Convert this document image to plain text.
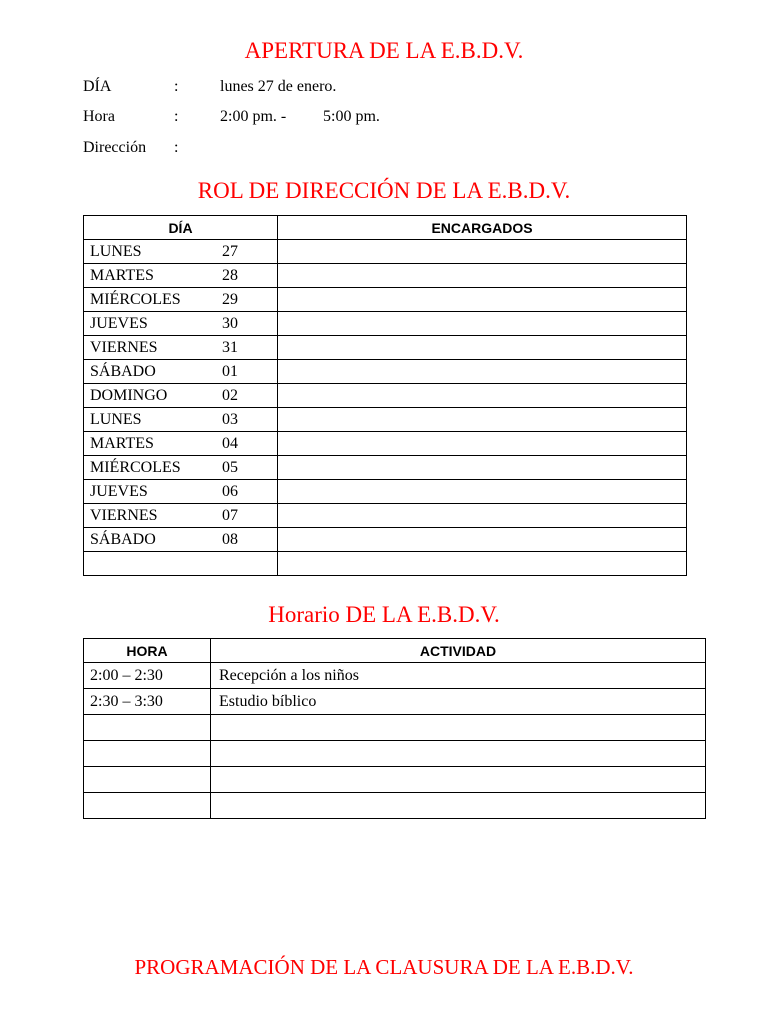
APERTURA DE LA E.B.D.V.
DÍA	:	lunes 27 de enero.
Hora	:	2:00 pm. - 5:00 pm.
Dirección :
ROL DE DIRECCIÓN DE LA E.B.D.V.
DÍA	ENCARGADOS

LUNES 27	

MARTES 28	

MIÉRCOLES 29	

JUEVES 30	

VIERNES 31	

SÁBADO 01	

DOMINGO 02	

LUNES 03	

MARTES 04	

MIÉRCOLES 05	

JUEVES 06	

VIERNES 07	

SÁBADO 08	

Horario DE LA E.B.D.V.
HORA	ACTIVIDAD
2:00 – 2:30	Recepción a los niños
2:30 – 3:30	Estudio bíblico

PROGRAMACIÓN DE LA CLAUSURA DE LA E.B.D.V.
